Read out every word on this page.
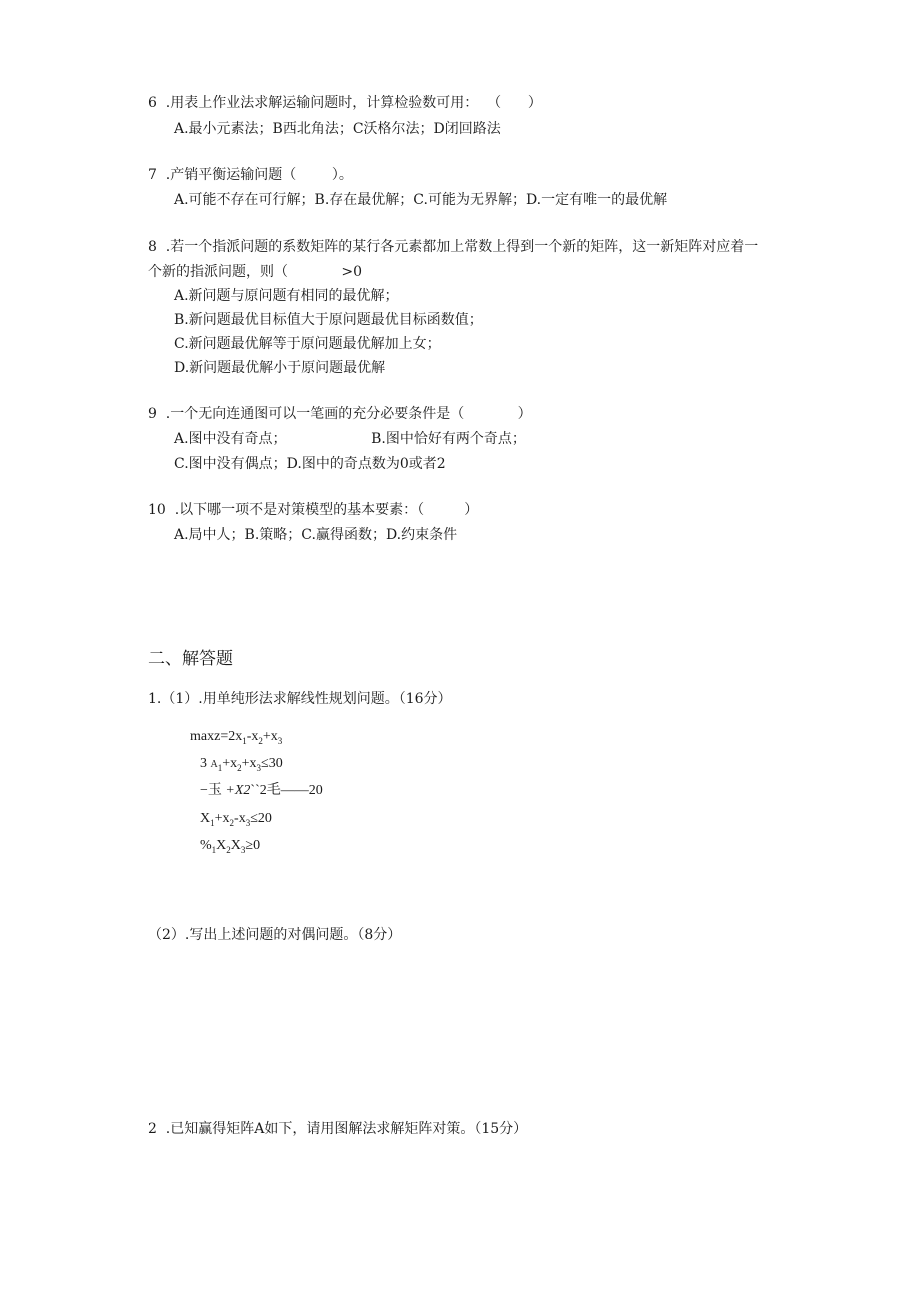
6  .用表上作业法求解运输问题时，计算检验数可用：  （      ）
A.最小元素法；B西北角法；C沃格尔法；D闭回路法
7  .产销平衡运输问题（        ）。
A.可能不存在可行解；B.存在最优解；C.可能为无界解；D.一定有唯一的最优解
8  .若一个指派问题的系数矩阵的某行各元素都加上常数上得到一个新的矩阵，这一新矩阵对应着一
个新的指派问题，则（            >0
A.新问题与原问题有相同的最优解；
B.新问题最优目标值大于原问题最优目标函数值；
C.新问题最优解等于原问题最优解加上女；
D.新问题最优解小于原问题最优解
9  .一个无向连通图可以一笔画的充分必要条件是（            ）
A.图中没有奇点；                   B.图中恰好有两个奇点；
C.图中没有偶点；D.图中的奇点数为0或者2
10  .以下哪一项不是对策模型的基本要素：（         ）
A.局中人；B.策略；C.赢得函数；D.约束条件
二、解答题
1.（1）.用单纯形法求解线性规划问题。（16分）
$\max z=2x_1-x_2+x_3$
3 $A_1+x_2+x_3\le 30$
−玉 +X2ˋˋ2毛——20
$X_1+x_2-x_3\le 20$
$\%_1X_2X_3\ge 0$
（2）.写出上述问题的对偶问题。（8分）
2  .已知赢得矩阵A如下，请用图解法求解矩阵对策。（15分）
